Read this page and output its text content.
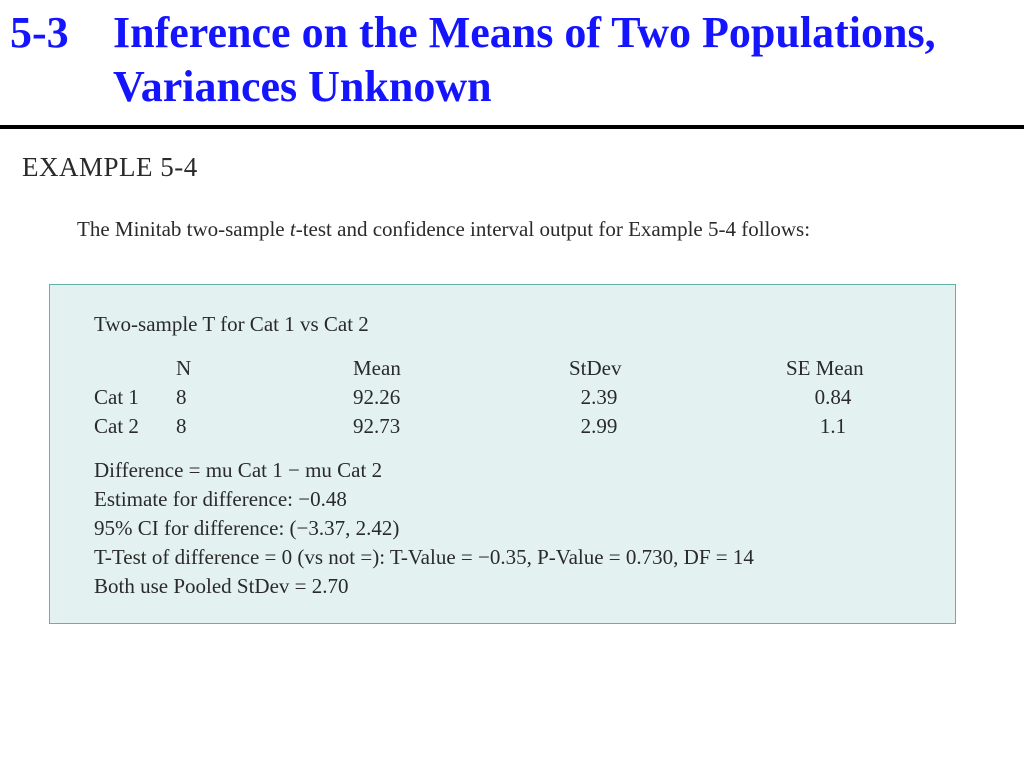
5-3 Inference on the Means of Two Populations, Variances Unknown
EXAMPLE 5-4
The Minitab two-sample t-test and confidence interval output for Example 5-4 follows:
Two-sample T for Cat 1 vs Cat 2
N	Mean	StDev	SE Mean
Cat 1 8	92.26	2.39	0.84
Cat 2 8	92.73	2.99	1.1
Difference = mu Cat 1 − mu Cat 2
Estimate for difference: −0.48
95% CI for difference: (−3.37, 2.42)
T-Test of difference = 0 (vs not =): T-Value = −0.35, P-Value = 0.730, DF = 14
Both use Pooled StDev = 2.70
